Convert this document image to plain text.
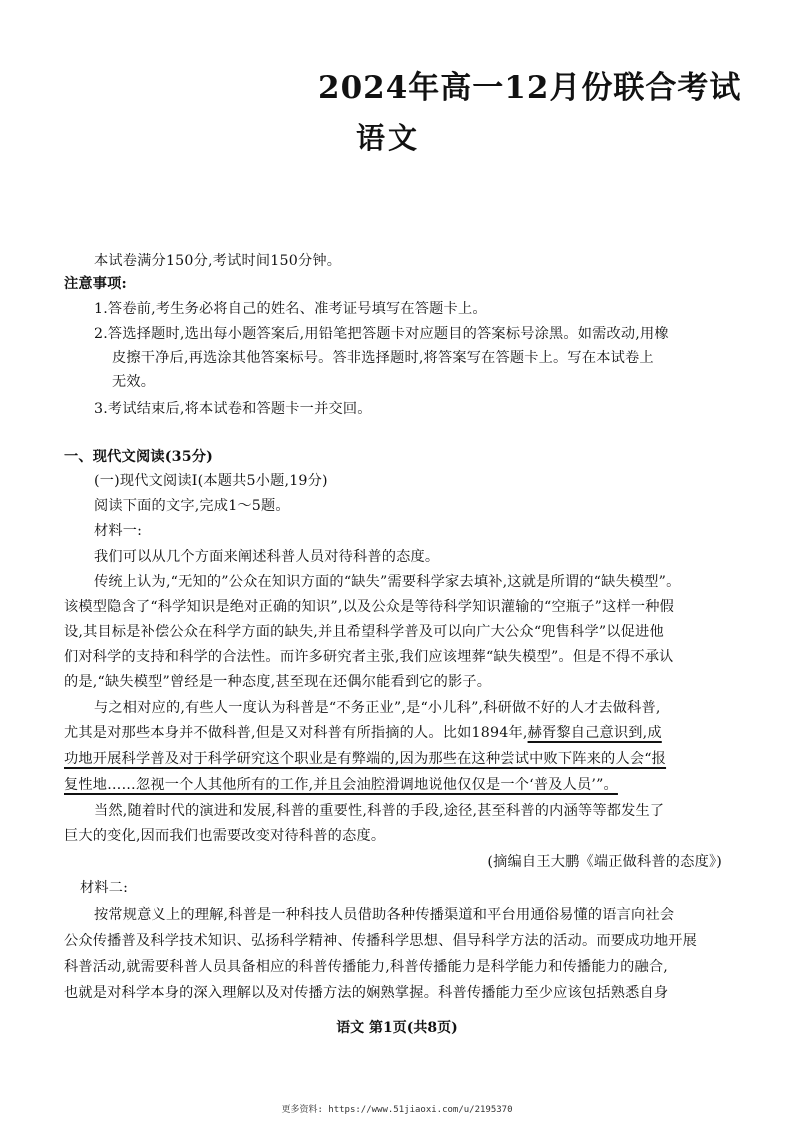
2024年高一12月份联合考试
语文
本试卷满分150分,考试时间150分钟。
注意事项:
1.答卷前,考生务必将自己的姓名、准考证号填写在答题卡上。
2.答选择题时,选出每小题答案后,用铅笔把答题卡对应题目的答案标号涂黑。如需改动,用橡
皮擦干净后,再选涂其他答案标号。答非选择题时,将答案写在答题卡上。写在本试卷上
无效。
3.考试结束后,将本试卷和答题卡一并交回。
一、现代文阅读(35分)
(一)现代文阅读Ⅰ(本题共5小题,19分)
阅读下面的文字,完成1～5题。
材料一:
我们可以从几个方面来阐述科普人员对待科普的态度。
传统上认为,“无知的”公众在知识方面的“缺失”需要科学家去填补,这就是所谓的“缺失模型”。
该模型隐含了“科学知识是绝对正确的知识”,以及公众是等待科学知识灌输的“空瓶子”这样一种假
设,其目标是补偿公众在科学方面的缺失,并且希望科学普及可以向广大公众“兜售科学”以促进他
们对科学的支持和科学的合法性。而许多研究者主张,我们应该埋葬“缺失模型”。但是不得不承认
的是,“缺失模型”曾经是一种态度,甚至现在还偶尔能看到它的影子。
与之相对应的,有些人一度认为科普是“不务正业”,是“小儿科”,科研做不好的人才去做科普,
尤其是对那些本身并不做科普,但是又对科普有所指摘的人。比如1894年,赫胥黎自己意识到,成
功地开展科学普及对于科学研究这个职业是有弊端的,因为那些在这种尝试中败下阵来的人会“报
复性地……忽视一个人其他所有的工作,并且会油腔滑调地说他仅仅是一个‘普及人员’”。
当然,随着时代的演进和发展,科普的重要性,科普的手段,途径,甚至科普的内涵等等都发生了
巨大的变化,因而我们也需要改变对待科普的态度。
(摘编自王大鹏《端正做科普的态度》)
材料二:
按常规意义上的理解,科普是一种科技人员借助各种传播渠道和平台用通俗易懂的语言向社会
公众传播普及科学技术知识、弘扬科学精神、传播科学思想、倡导科学方法的活动。而要成功地开展
科普活动,就需要科普人员具备相应的科普传播能力,科普传播能力是科学能力和传播能力的融合,
也就是对科学本身的深入理解以及对传播方法的娴熟掌握。科普传播能力至少应该包括熟悉自身
语文 第1页(共8页)
更多资料: https://www.51jiaoxi.com/u/2195370
